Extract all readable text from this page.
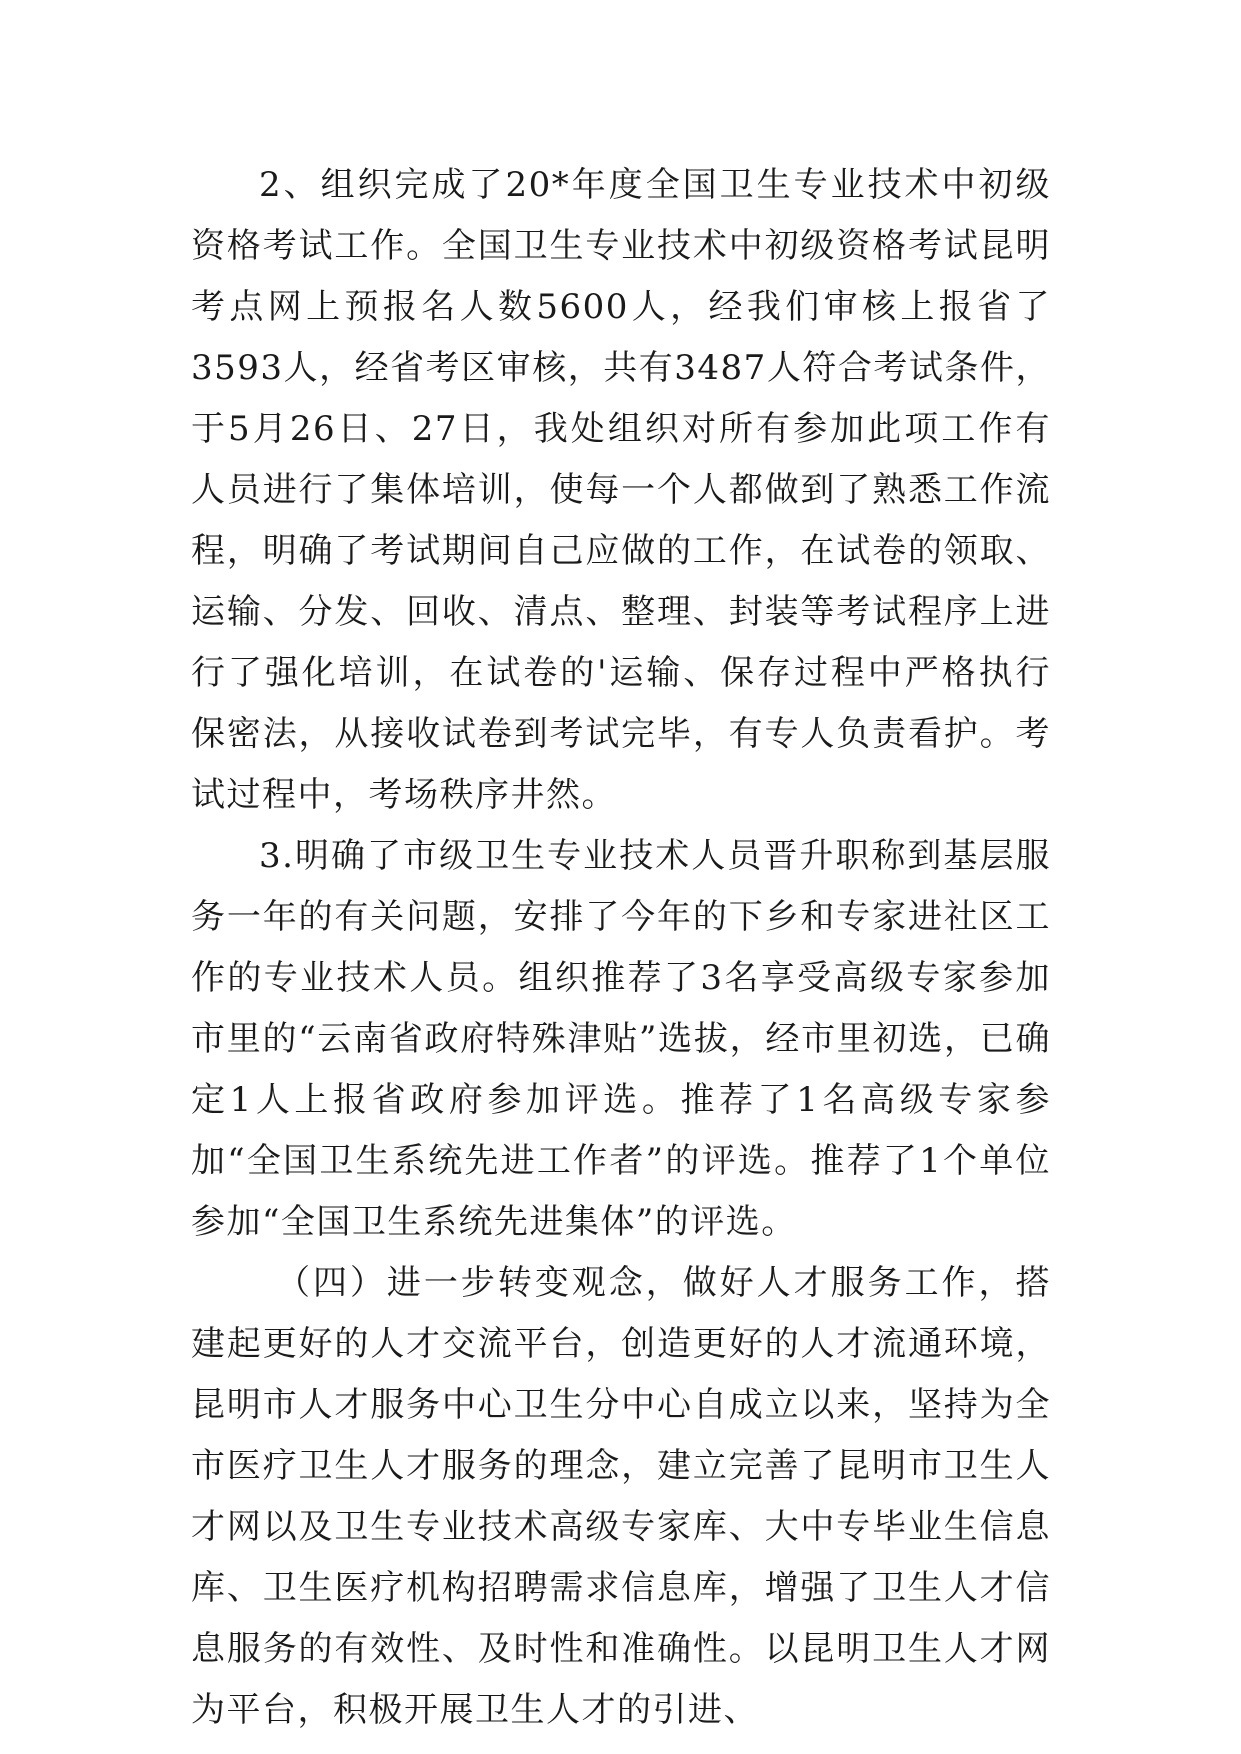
2、组织完成了20*年度全国卫生专业技术中初级资格考试工作。全国卫生专业技术中初级资格考试昆明考点网上预报名人数5600人，经我们审核上报省了3593人，经省考区审核，共有3487人符合考试条件，于5月26日、27日，我处组织对所有参加此项工作有人员进行了集体培训，使每一个人都做到了熟悉工作流程，明确了考试期间自己应做的工作，在试卷的领取、运输、分发、回收、清点、整理、封装等考试程序上进行了强化培训，在试卷的'运输、保存过程中严格执行保密法，从接收试卷到考试完毕，有专人负责看护。考试过程中，考场秩序井然。

3.明确了市级卫生专业技术人员晋升职称到基层服务一年的有关问题，安排了今年的下乡和专家进社区工作的专业技术人员。组织推荐了3名享受高级专家参加市里的“云南省政府特殊津贴”选拔，经市里初选，已确定1人上报省政府参加评选。推荐了1名高级专家参加“全国卫生系统先进工作者”的评选。推荐了1个单位参加“全国卫生系统先进集体”的评选。

（四）进一步转变观念，做好人才服务工作，搭建起更好的人才交流平台，创造更好的人才流通环境，昆明市人才服务中心卫生分中心自成立以来，坚持为全市医疗卫生人才服务的理念，建立完善了昆明市卫生人才网以及卫生专业技术高级专家库、大中专毕业生信息库、卫生医疗机构招聘需求信息库，增强了卫生人才信息服务的有效性、及时性和准确性。以昆明卫生人才网为平台，积极开展卫生人才的引进、
